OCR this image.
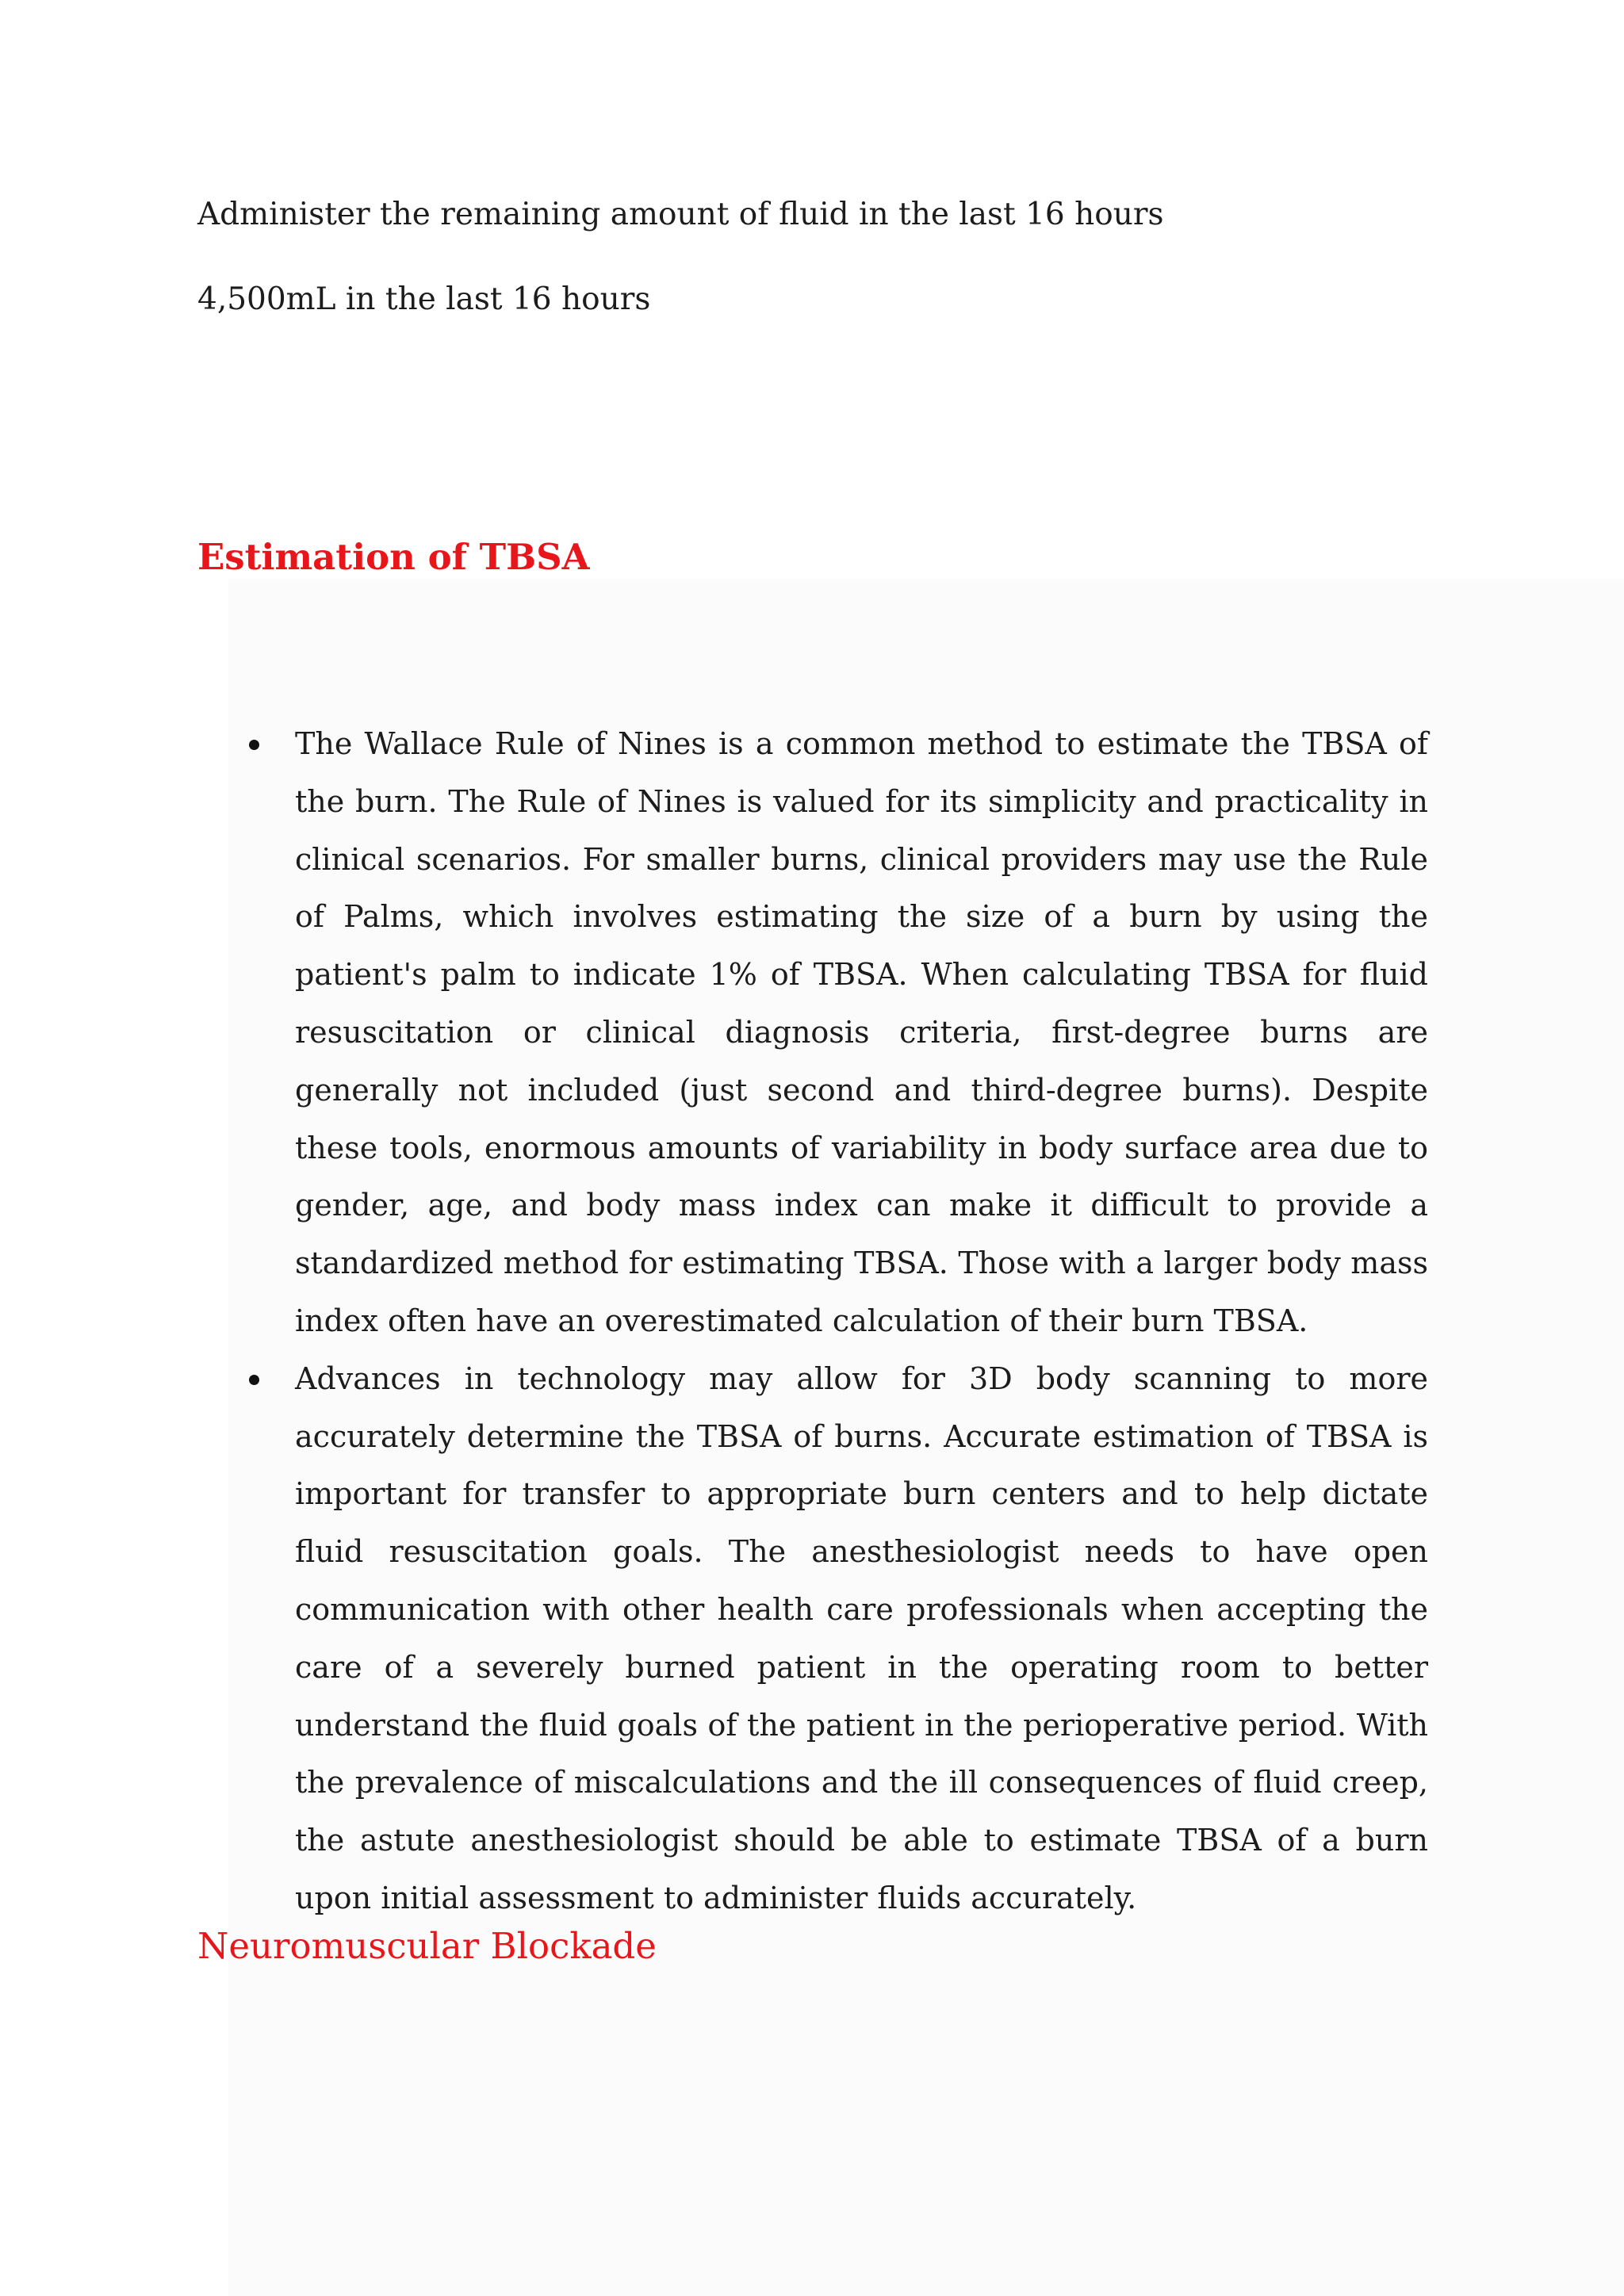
Administer the remaining amount of fluid in the last 16 hours
4,500mL in the last 16 hours
Estimation of TBSA
The Wallace Rule of Nines is a common method to estimate the TBSA of the burn. The Rule of Nines is valued for its simplicity and practicality in clinical scenarios. For smaller burns, clinical providers may use the Rule of Palms, which involves estimating the size of a burn by using the patient's palm to indicate 1% of TBSA. When calculating TBSA for fluid resuscitation or clinical diagnosis criteria, first-degree burns are generally not included (just second and third-degree burns). Despite these tools, enormous amounts of variability in body surface area due to gender, age, and body mass index can make it difficult to provide a standardized method for estimating TBSA. Those with a larger body mass index often have an overestimated calculation of their burn TBSA.
Advances in technology may allow for 3D body scanning to more accurately determine the TBSA of burns. Accurate estimation of TBSA is important for transfer to appropriate burn centers and to help dictate fluid resuscitation goals. The anesthesiologist needs to have open communication with other health care professionals when accepting the care of a severely burned patient in the operating room to better understand the fluid goals of the patient in the perioperative period. With the prevalence of miscalculations and the ill consequences of fluid creep, the astute anesthesiologist should be able to estimate TBSA of a burn upon initial assessment to administer fluids accurately.
Neuromuscular Blockade
